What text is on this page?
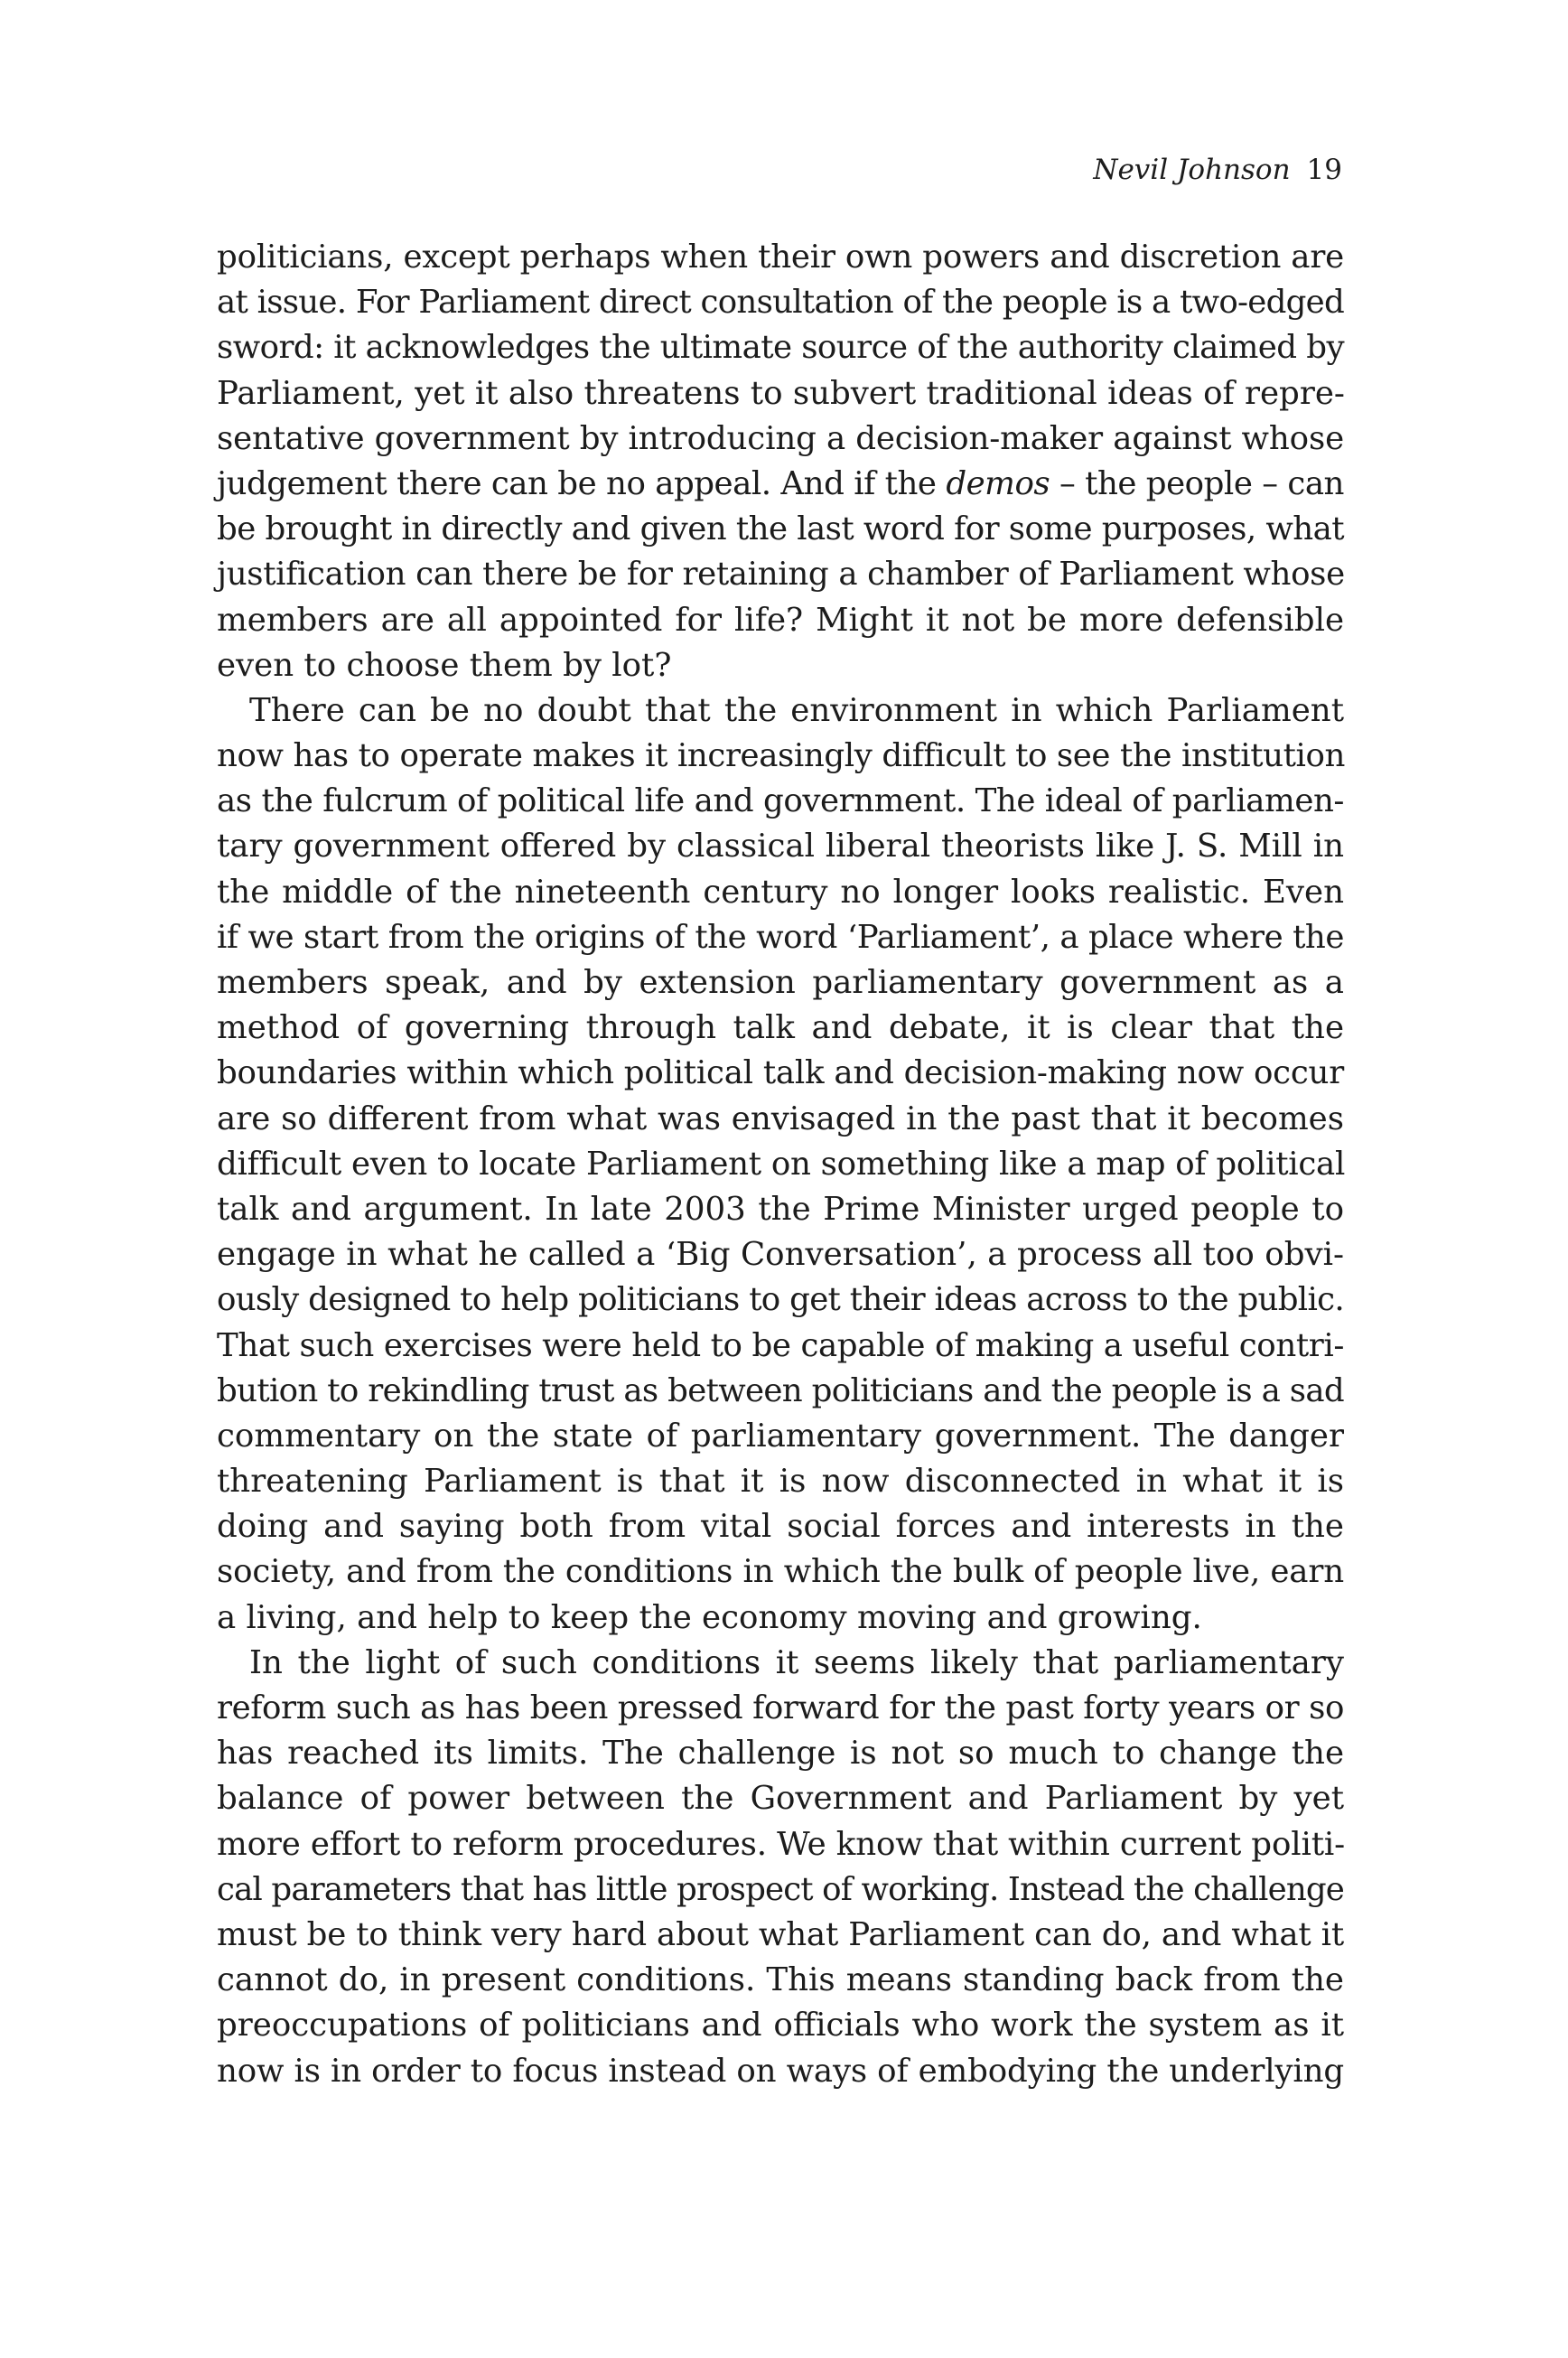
Nevil Johnson 19

politicians, except perhaps when their own powers and discretion are
at issue. For Parliament direct consultation of the people is a two-edged
sword: it acknowledges the ultimate source of the authority claimed by
Parliament, yet it also threatens to subvert traditional ideas of repre-
sentative government by introducing a decision-maker against whose
judgement there can be no appeal. And if the demos – the people – can
be brought in directly and given the last word for some purposes, what
justification can there be for retaining a chamber of Parliament whose
members are all appointed for life? Might it not be more defensible
even to choose them by lot?

There can be no doubt that the environment in which Parliament
now has to operate makes it increasingly difficult to see the institution
as the fulcrum of political life and government. The ideal of parliamen-
tary government offered by classical liberal theorists like J. S. Mill in
the middle of the nineteenth century no longer looks realistic. Even
if we start from the origins of the word ‘Parliament’, a place where the
members speak, and by extension parliamentary government as a
method of governing through talk and debate, it is clear that the
boundaries within which political talk and decision-making now occur
are so different from what was envisaged in the past that it becomes
difficult even to locate Parliament on something like a map of political
talk and argument. In late 2003 the Prime Minister urged people to
engage in what he called a ‘Big Conversation’, a process all too obvi-
ously designed to help politicians to get their ideas across to the public.
That such exercises were held to be capable of making a useful contri-
bution to rekindling trust as between politicians and the people is a sad
commentary on the state of parliamentary government. The danger
threatening Parliament is that it is now disconnected in what it is
doing and saying both from vital social forces and interests in the
society, and from the conditions in which the bulk of people live, earn
a living, and help to keep the economy moving and growing.

In the light of such conditions it seems likely that parliamentary
reform such as has been pressed forward for the past forty years or so
has reached its limits. The challenge is not so much to change the
balance of power between the Government and Parliament by yet
more effort to reform procedures. We know that within current politi-
cal parameters that has little prospect of working. Instead the challenge
must be to think very hard about what Parliament can do, and what it
cannot do, in present conditions. This means standing back from the
preoccupations of politicians and officials who work the system as it
now is in order to focus instead on ways of embodying the underlying
